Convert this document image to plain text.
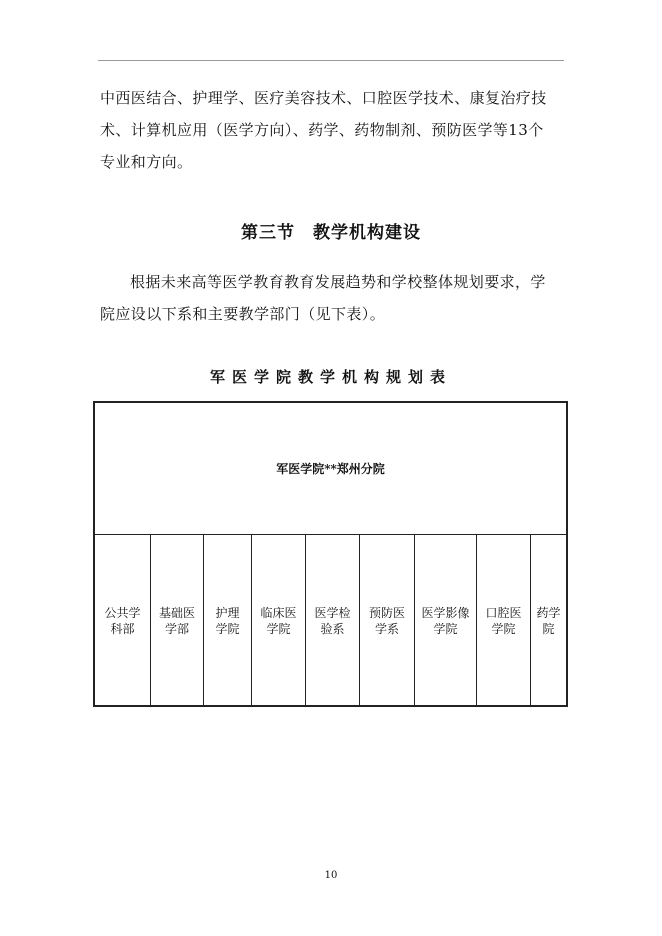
中西医结合、护理学、医疗美容技术、口腔医学技术、康复治疗技
术、计算机应用（医学方向）、药学、药物制剂、预防医学等13个
专业和方向。
第三节　教学机构建设
根据未来高等医学教育教育发展趋势和学校整体规划要求，学
院应设以下系和主要教学部门（见下表）。
军医学院教学机构规划表
军医学院**郑州分院
公共学
科部
基础医
学部
护理
学院
临床医
学院
医学检
验系
预防医
学系
医学影像
学院
口腔医
学院
药学
院
10
